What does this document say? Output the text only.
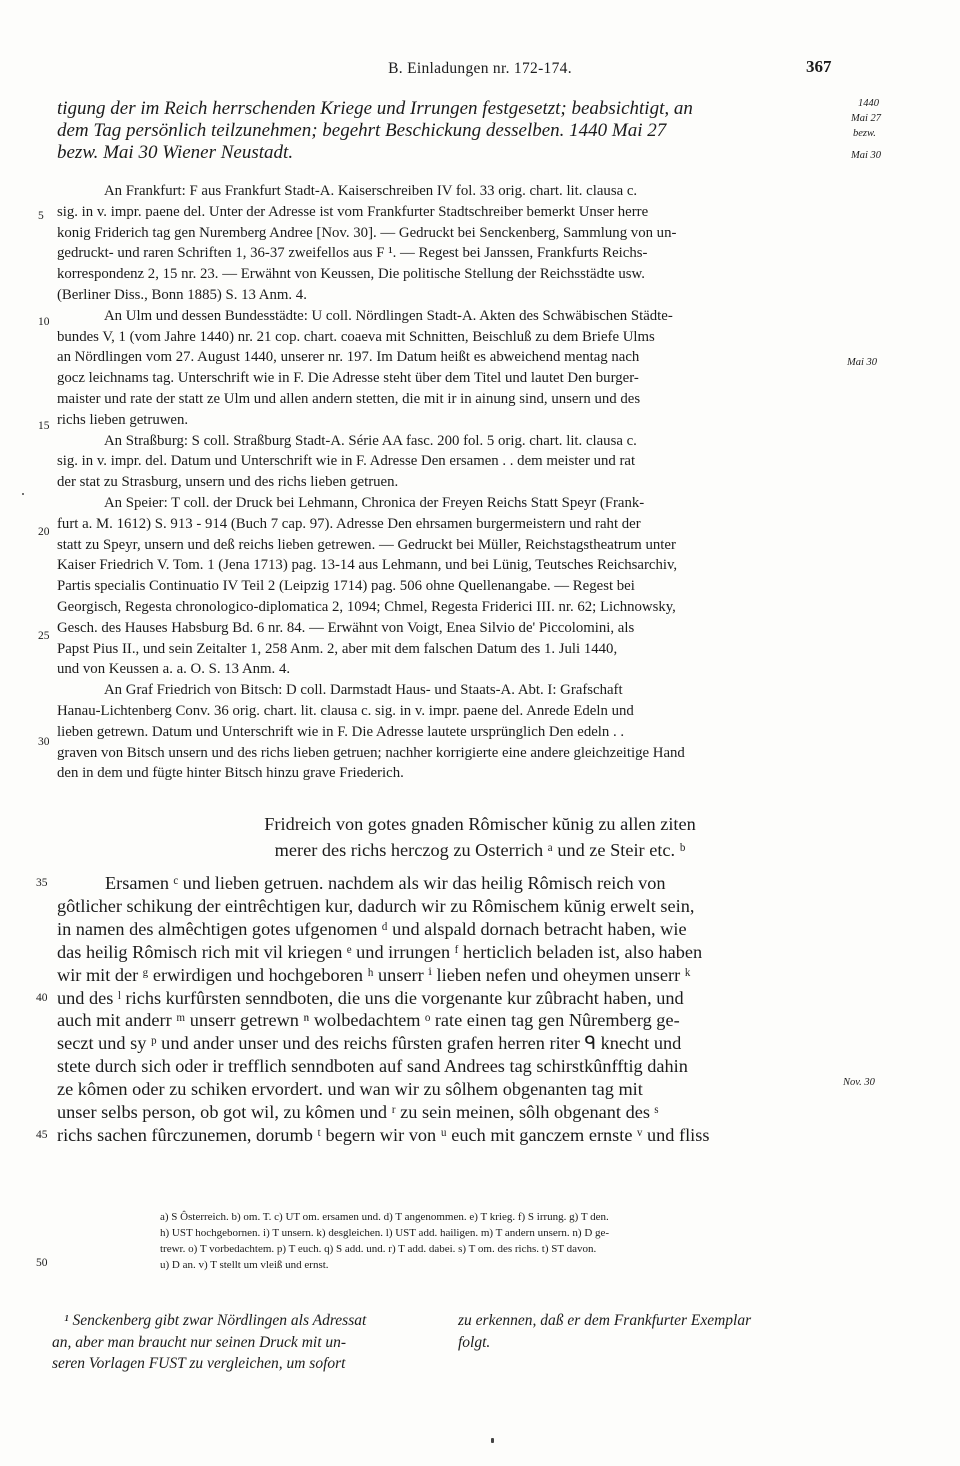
B. Einladungen nr. 172-174.	367
1440
Mai 27
bezw.
Mai 30
Mai 30
Nov. 30
5
10
15
20
25
30
35
40
45
50
tigung der im Reich herrschenden Kriege und Irrungen festgesetzt; beabsichtigt, an
dem Tag persönlich teilzunehmen; begehrt Beschickung desselben. 1440 Mai 27
bezw. Mai 30 Wiener Neustadt.
An Frankfurt: F aus Frankfurt Stadt-A. Kaiserschreiben IV fol. 33 orig. chart. lit. clausa c.
sig. in v. impr. paene del. Unter der Adresse ist vom Frankfurter Stadtschreiber bemerkt Unser herre
konig Friderich tag gen Nuremberg Andree [Nov. 30]. — Gedruckt bei Senckenberg, Sammlung von un-
gedruckt- und raren Schriften 1, 36-37 zweifellos aus F ¹. — Regest bei Janssen, Frankfurts Reichs-
korrespondenz 2, 15 nr. 23. — Erwähnt von Keussen, Die politische Stellung der Reichsstädte usw.
(Berliner Diss., Bonn 1885) S. 13 Anm. 4.
An Ulm und dessen Bundesstädte: U coll. Nördlingen Stadt-A. Akten des Schwäbischen Städte-
bundes V, 1 (vom Jahre 1440) nr. 21 cop. chart. coaeva mit Schnitten, Beischluß zu dem Briefe Ulms
an Nördlingen vom 27. August 1440, unserer nr. 197. Im Datum heißt es abweichend mentag nach
gocz leichnams tag. Unterschrift wie in F. Die Adresse steht über dem Titel und lautet Den burger-
maister und rate der statt ze Ulm und allen andern stetten, die mit ir in ainung sind, unsern und des
richs lieben getruwen.
An Straßburg: S coll. Straßburg Stadt-A. Série AA fasc. 200 fol. 5 orig. chart. lit. clausa c.
sig. in v. impr. del. Datum und Unterschrift wie in F. Adresse Den ersamen . . dem meister und rat
der stat zu Strasburg, unsern und des richs lieben getruen.
An Speier: T coll. der Druck bei Lehmann, Chronica der Freyen Reichs Statt Speyr (Frank-
furt a. M. 1612) S. 913 - 914 (Buch 7 cap. 97). Adresse Den ehrsamen burgermeistern und raht der
statt zu Speyr, unsern und deß reichs lieben getrewen. — Gedruckt bei Müller, Reichstagstheatrum unter
Kaiser Friedrich V. Tom. 1 (Jena 1713) pag. 13-14 aus Lehmann, und bei Lünig, Teutsches Reichsarchiv,
Partis specialis Continuatio IV Teil 2 (Leipzig 1714) pag. 506 ohne Quellenangabe. — Regest bei
Georgisch, Regesta chronologico-diplomatica 2, 1094; Chmel, Regesta Friderici III. nr. 62; Lichnowsky,
Gesch. des Hauses Habsburg Bd. 6 nr. 84. — Erwähnt von Voigt, Enea Silvio de' Piccolomini, als
Papst Pius II., und sein Zeitalter 1, 258 Anm. 2, aber mit dem falschen Datum des 1. Juli 1440,
und von Keussen a. a. O. S. 13 Anm. 4.
An Graf Friedrich von Bitsch: D coll. Darmstadt Haus- und Staats-A. Abt. I: Grafschaft
Hanau-Lichtenberg Conv. 36 orig. chart. lit. clausa c. sig. in v. impr. paene del. Anrede Edeln und
lieben getrewn. Datum und Unterschrift wie in F. Die Adresse lautete ursprünglich Den edeln . .
graven von Bitsch unsern und des richs lieben getruen; nachher korrigierte eine andere gleichzeitige Hand
den in dem und fügte hinter Bitsch hinzu grave Friederich.
Fridreich von gotes gnaden Rômischer kŭnig zu allen ziten
merer des richs herczog zu Osterrich ᵃ und ze Steir etc. ᵇ
Ersamen ᶜ und lieben getruen. nachdem als wir das heilig Rômisch reich von
gôtlicher schikung der eintrêchtigen kur, dadurch wir zu Rômischem kŭnig erwelt sein,
in namen des almêchtigen gotes ufgenomen ᵈ und alspald dornach betracht haben, wie
das heilig Rômisch rich mit vil kriegen ᵉ und irrungen ᶠ herticlich beladen ist, also haben
wir mit der ᵍ erwirdigen und hochgeboren ʰ unserr ⁱ lieben nefen und oheymen unserr ᵏ
und des ˡ richs kurfûrsten senndboten, die uns die vorgenante kur zûbracht haben, und
auch mit anderr ᵐ unserr getrewn ⁿ wolbedachtem ᵒ rate einen tag gen Nûremberg ge-
seczt und sy ᵖ und ander unser und des reichs fûrsten grafen herren riter ᑫ knecht und
stete durch sich oder ir trefflich senndboten auf sand Andrees tag schirstkûnfftig dahin
ze kômen oder zu schiken ervordert. und wan wir zu sôlhem obgenanten tag mit
unser selbs person, ob got wil, zu kômen und ʳ zu sein meinen, sôlh obgenant des ˢ
richs sachen fûrczunemen, dorumb ᵗ begern wir von ᵘ euch mit ganczem ernste ᵛ und fliss
a) S Ôsterreich. b) om. T. c) UT om. ersamen und. d) T angenommen. e) T krieg. f) S irrung. g) T den.
h) UST hochgebornen. i) T unsern. k) desgleichen. l) UST add. hailigen. m) T andern unsern. n) D ge-
trewr. o) T vorbedachtem. p) T euch. q) S add. und. r) T add. dabei. s) T om. des richs. t) ST davon.
u) D an. v) T stellt um vleiß und ernst.
¹ Senckenberg gibt zwar Nördlingen als Adressat
an, aber man braucht nur seinen Druck mit un-
seren Vorlagen FUST zu vergleichen, um sofort
zu erkennen, daß er dem Frankfurter Exemplar
folgt.
